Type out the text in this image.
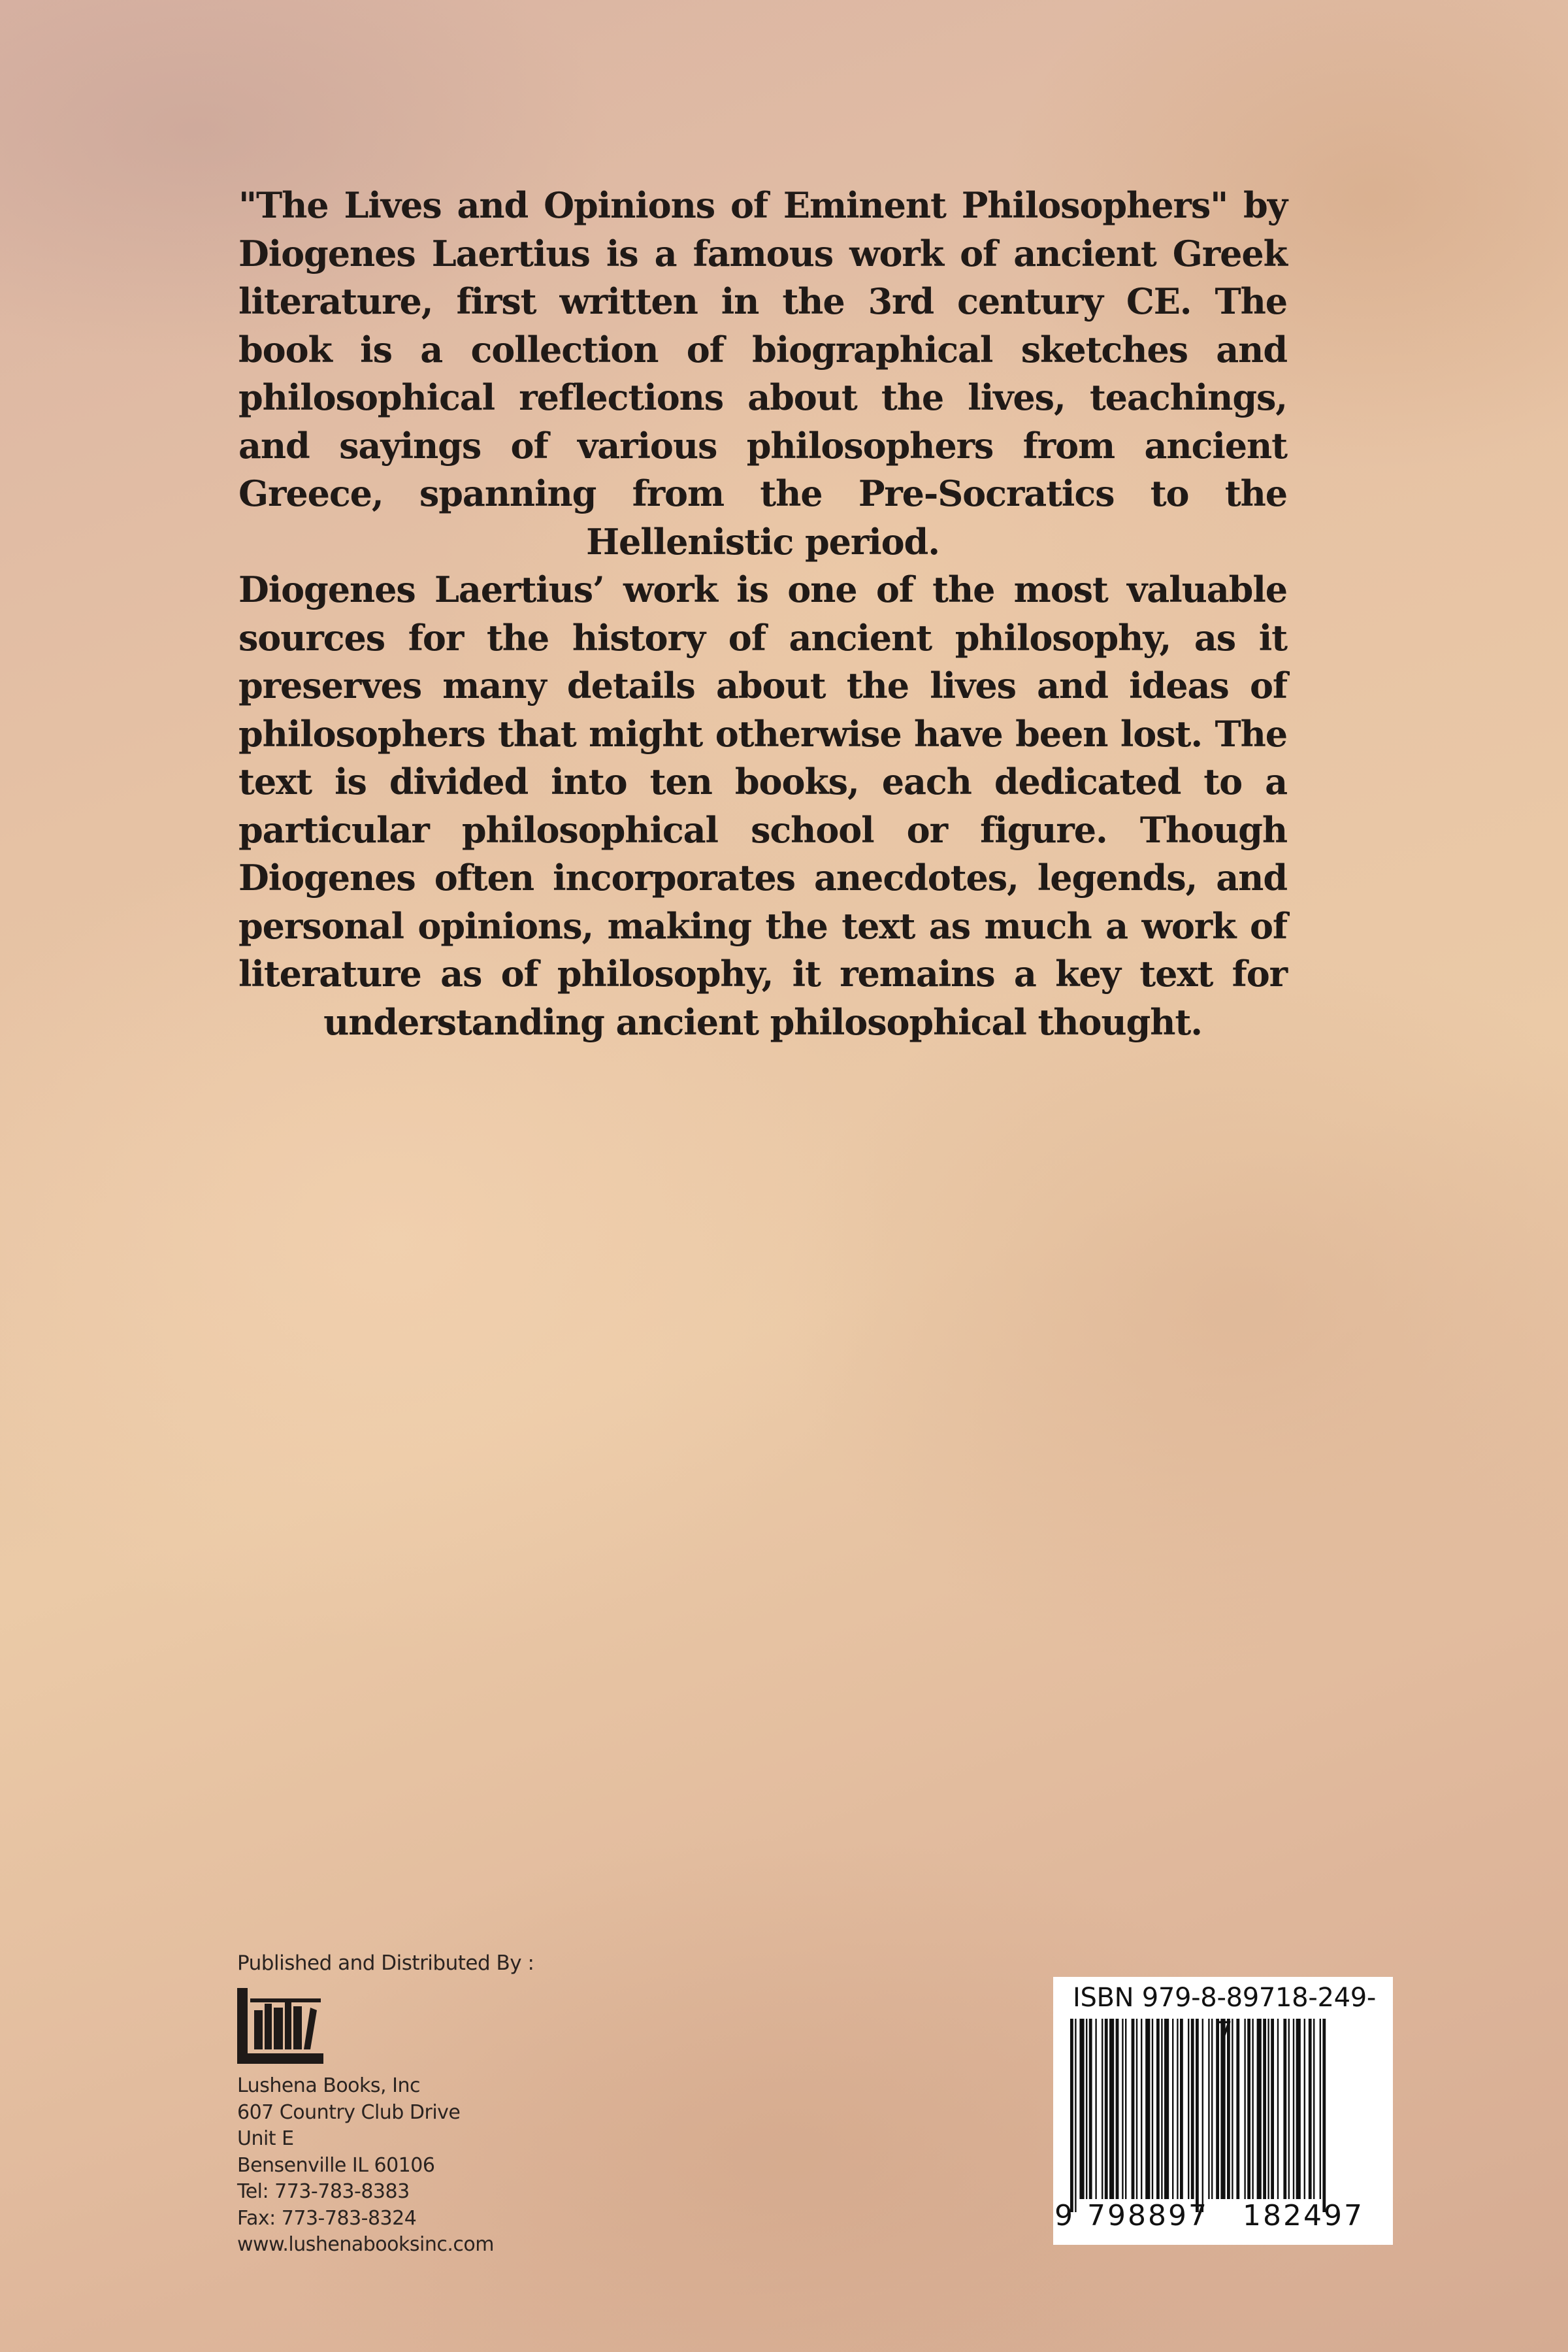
"The Lives and Opinions of Eminent Philosophers" by Diogenes Laertius is a famous work of ancient Greek literature, first written in the 3rd century CE. The book is a collection of biographical sketches and philosophical reflections about the lives, teachings, and sayings of various philosophers from ancient Greece, spanning from the Pre-Socratics to the Hellenistic period.

Diogenes Laertius’ work is one of the most valuable sources for the history of ancient philosophy, as it preserves many details about the lives and ideas of philosophers that might otherwise have been lost. The text is divided into ten books, each dedicated to a particular philosophical school or figure. Though Diogenes often incorporates anecdotes, legends, and personal opinions, making the text as much a work of literature as of philosophy, it remains a key text for understanding ancient philosophical thought.

Published and Distributed By :
Lushena Books, Inc
607 Country Club Drive
Unit E
Bensenville IL 60106
Tel: 773-783-8383
Fax: 773-783-8324
www.lushenabooksinc.com
ISBN 979-8-89718-249-
9 798897 182497
